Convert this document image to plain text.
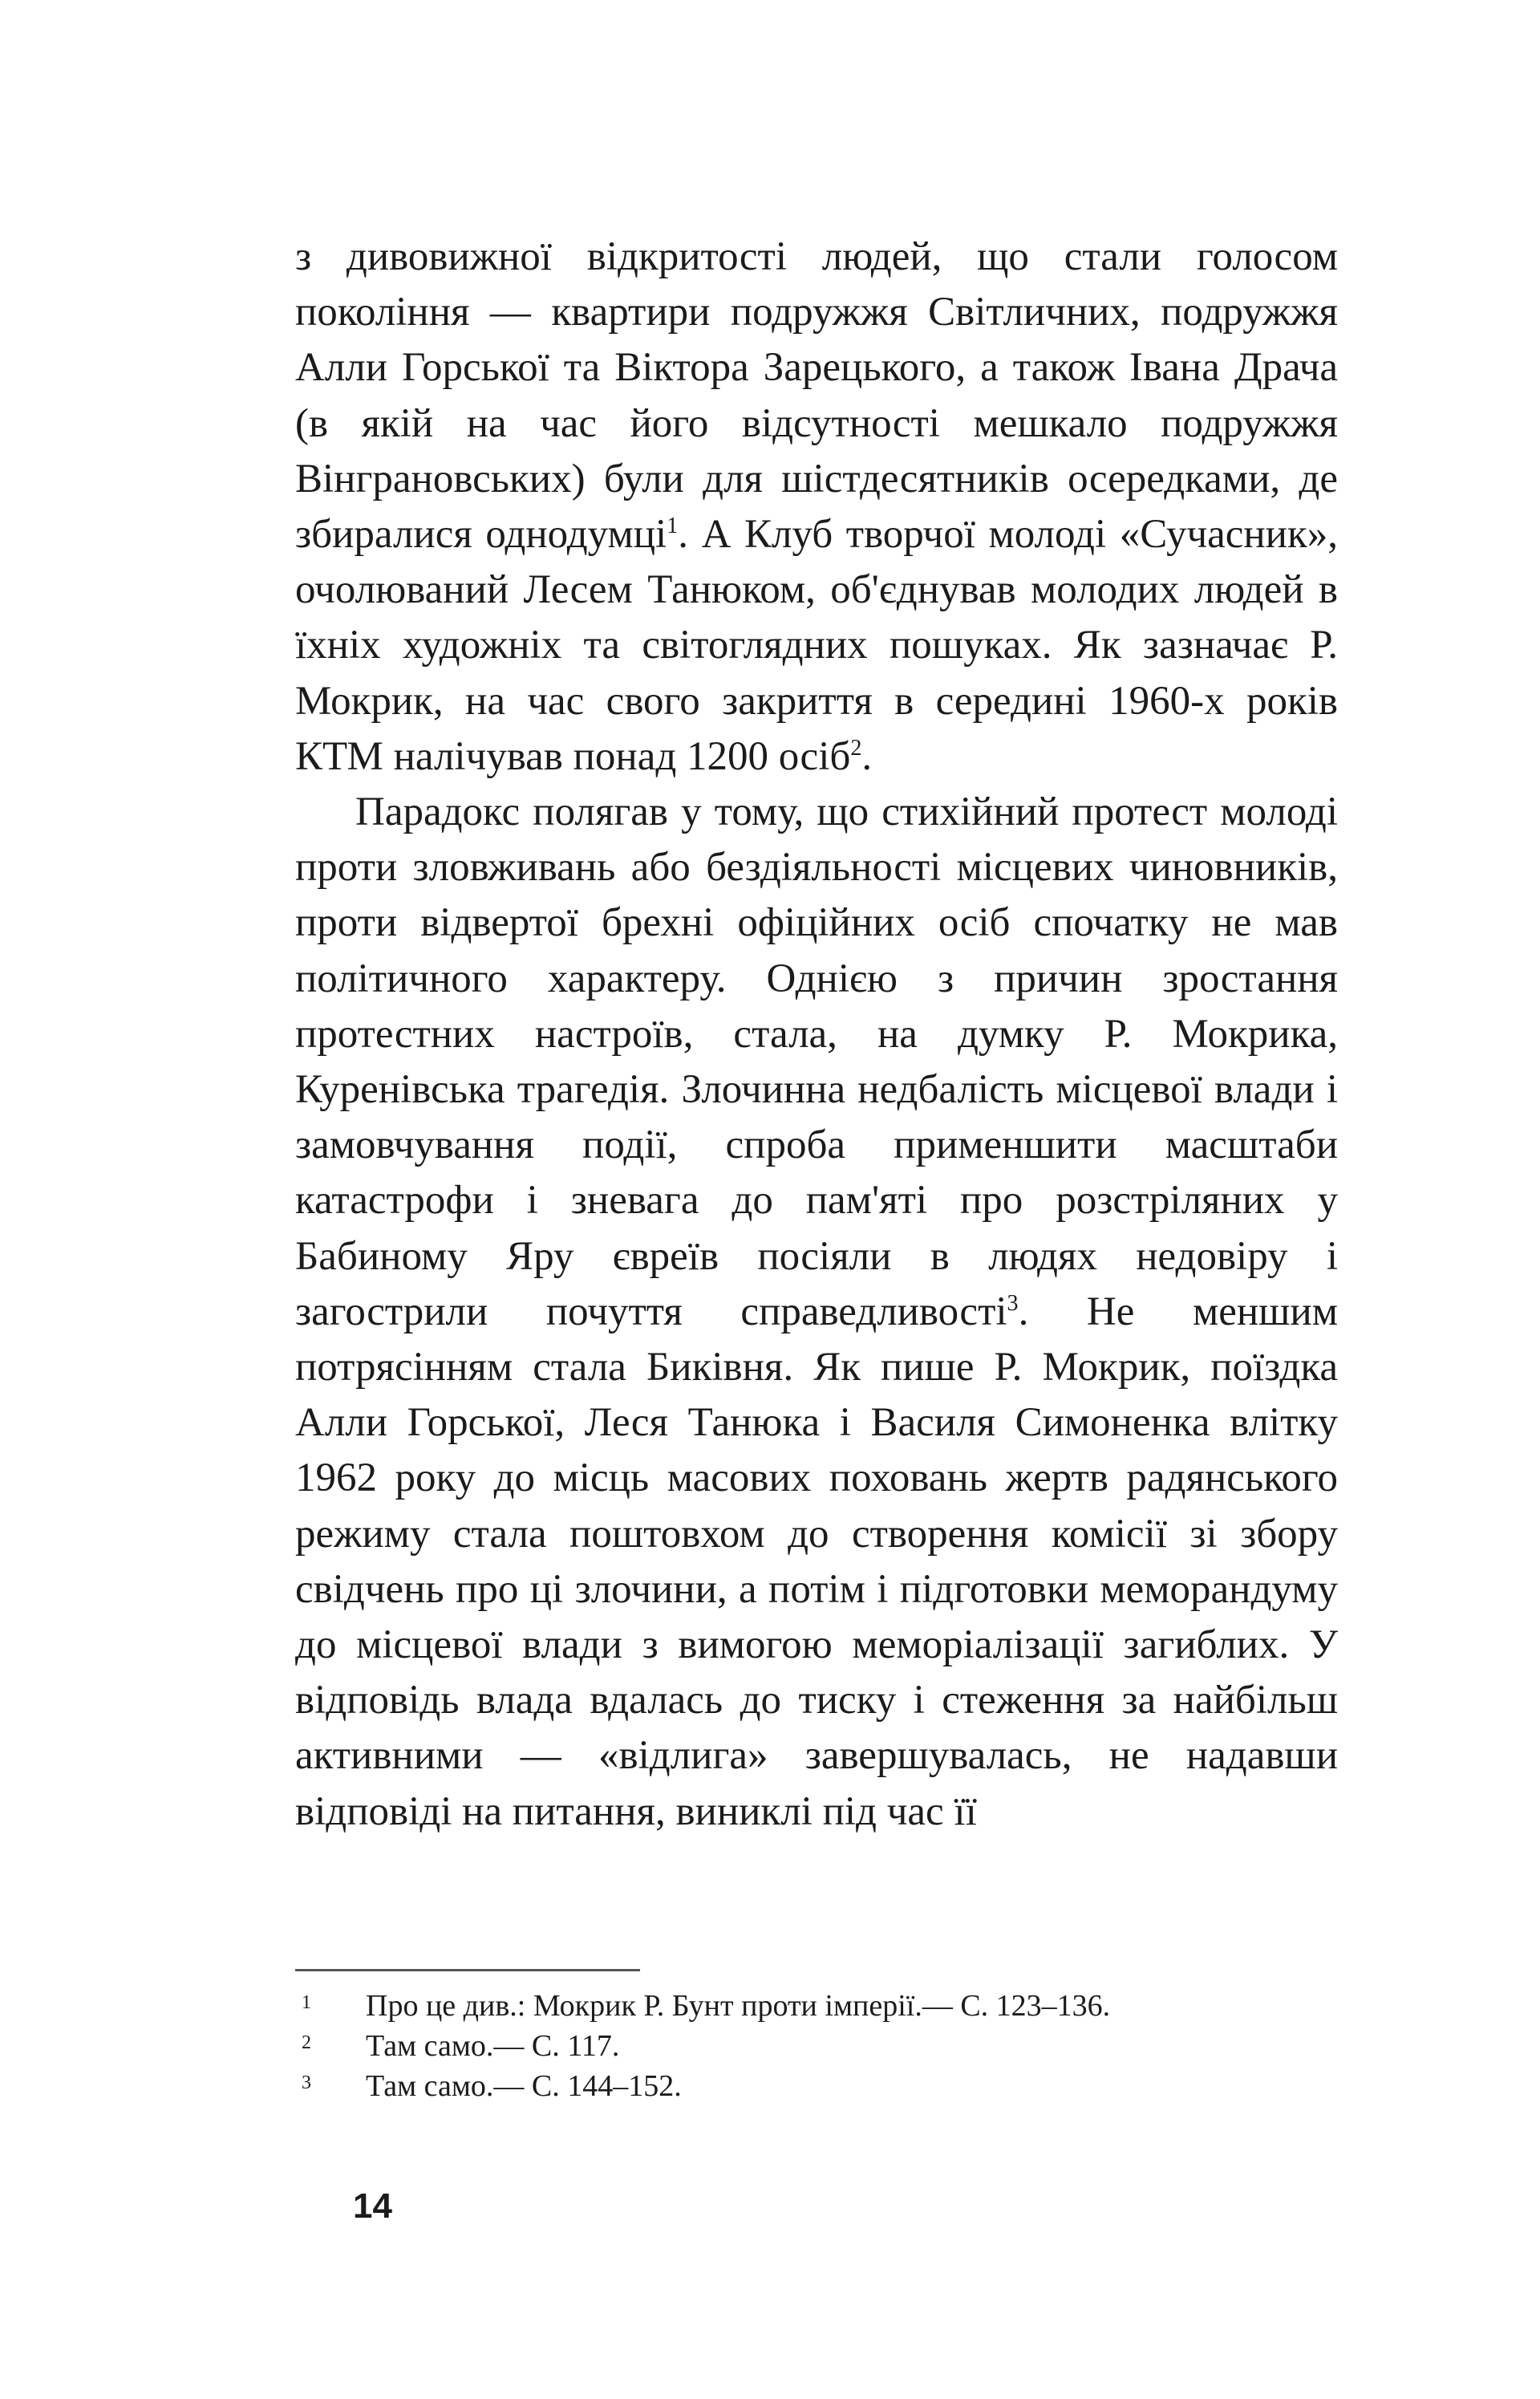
з дивовижної відкритості людей, що стали голосом покоління — квартири подружжя Світличних, подружжя Алли Горської та Віктора Зарецького, а також Івана Драча (в якій на час його відсутності мешкало подружжя Вінграновських) були для шістдесятників осередками, де збиралися однодумці$^1$. А Клуб творчої молоді «Сучасник», очолюваний Лесем Танюком, об'єднував молодих людей в їхніх художніх та світоглядних пошуках. Як зазначає Р. Мокрик, на час свого закриття в середині 1960-х років КТМ налічував понад 1200 осіб$^2$.

Парадокс полягав у тому, що стихійний протест молоді проти зловживань або бездіяльності місцевих чиновників, проти відвертої брехні офіційних осіб спочатку не мав політичного характеру. Однією з причин зростання протестних настроїв, стала, на думку Р. Мокрика, Куренівська трагедія. Злочинна недбалість місцевої влади і замовчування події, спроба применшити масштаби катастрофи і зневага до пам'яті про розстріляних у Бабиному Яру євреїв посіяли в людях недовіру і загострили почуття справедливості$^3$. Не меншим потрясінням стала Биківня. Як пише Р. Мокрик, поїздка Алли Горської, Леся Танюка і Василя Симоненка влітку 1962 року до місць масових поховань жертв радянського режиму стала поштовхом до створення комісії зі збору свідчень про ці злочини, а потім і підготовки меморандуму до місцевої влади з вимогою меморіалізації загиблих. У відповідь влада вдалась до тиску і стеження за найбільш активними — «відлига» завершувалась, не надавши відповіді на питання, виниклі під час її

1 Про це див.: Мокрик Р. Бунт проти імперії.— С. 123–136.
2 Там само.— С. 117.
3 Там само.— С. 144–152.
14
